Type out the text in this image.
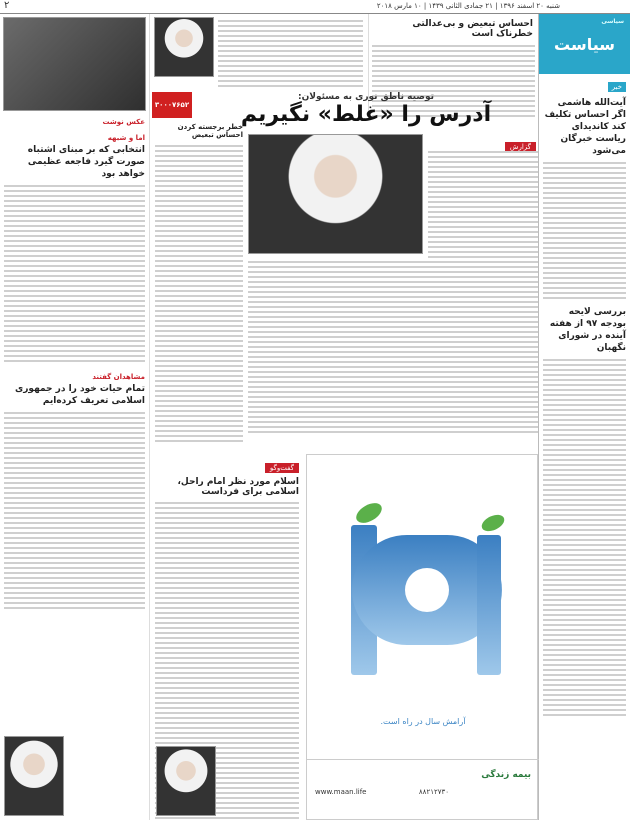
شنبه ۲۰ اسفند ۱۳۹۶ | ۲۱ جمادی الثانی ۱۴۳۹ | ۱۰ مارس ۲۰۱۸
۲
سیاسی
سیاست
خبر
آیت‌الله هاشمی اگر احساس تکلیف کند کاندیدای ریاست خبرگان می‌شود
بررسی لایحه بودجه ۹۷ از هفته آینده در شورای نگهبان
احساس تبعیض و بی‌عدالتی خطرناک است
۳۰۰۰۷۶۵۲
توصیه ناطق نوری به مسئولان:
آدرس را «غلط» نگیریم
گزارش
عکس نوشت
اما و شبهه
انتخابی که بر مبنای اشتباه صورت گیرد فاجعه عظیمی خواهد بود
مشاهدان گفتند
تمام حیات خود را در جمهوری اسلامی تعریف کرده‌ایم
خطر برجسته کردن احساس تبعیض
گفت‌وگو
اسلام مورد نظر امام راحل، اسلامی برای فرداست
آرامش سال در راه است.
بیمه زندگی
۸۸۲۱۲۷۳۰
www.maan.life
